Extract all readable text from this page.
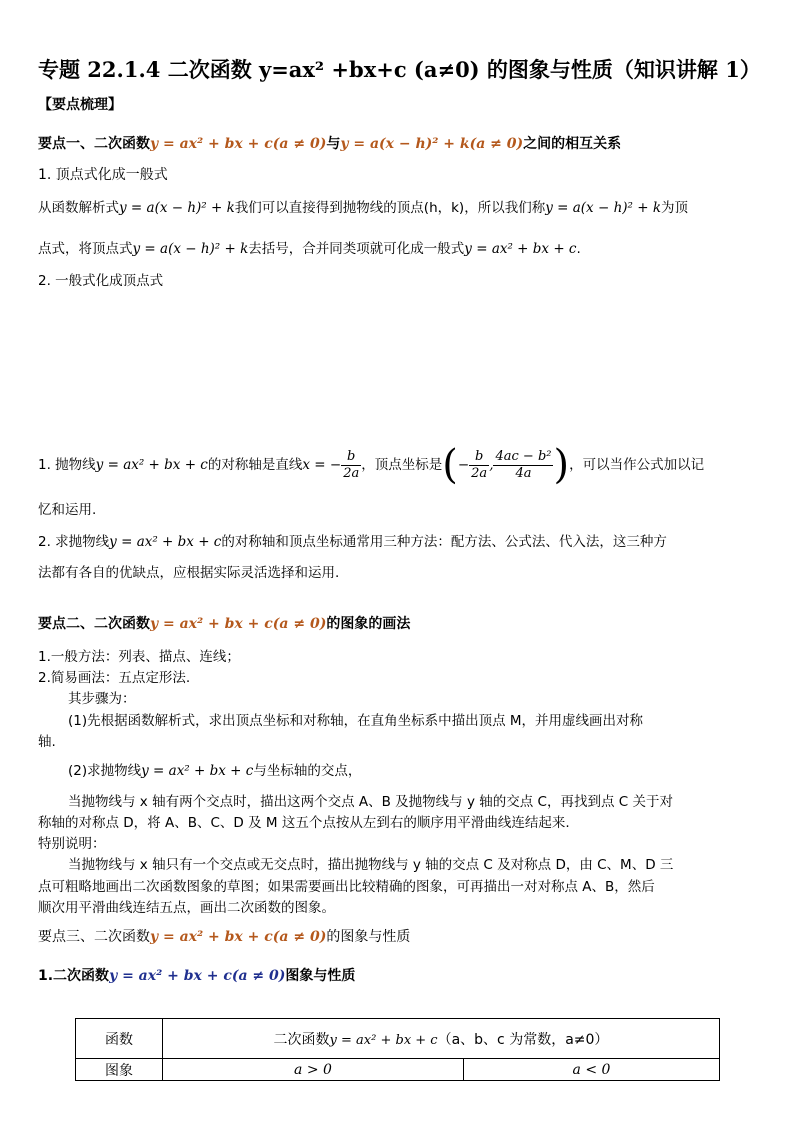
专题 22.1.4 二次函数 y=ax² +bx+c (a≠0) 的图象与性质（知识讲解 1）
【要点梳理】
要点一、二次函数y = ax² + bx + c(a ≠ 0)与y = a(x − h)² + k(a ≠ 0)之间的相互关系
1. 顶点式化成一般式
从函数解析式y = a(x − h)² + k我们可以直接得到抛物线的顶点(h，k)，所以我们称y = a(x − h)² + k为顶
点式，将顶点式y = a(x − h)² + k去括号，合并同类项就可化成一般式y = ax² + bx + c.
2. 一般式化成顶点式
1. 抛物线y = ax² + bx + c的对称轴是直线x = − $\frac{b}{2a}$ ，顶点坐标是(− $\frac{b}{2a}$ , $\frac{\text{4ac − b²}}{4a}$ )，可以当作公式加以记
忆和运用.
2. 求抛物线y = ax² + bx + c的对称轴和顶点坐标通常用三种方法：配方法、公式法、代入法，这三种方
法都有各自的优缺点，应根据实际灵活选择和运用.
要点二、二次函数y = ax² + bx + c(a ≠ 0)的图象的画法
1.一般方法：列表、描点、连线；
2.简易画法：五点定形法.
其步骤为：
(1)先根据函数解析式，求出顶点坐标和对称轴，在直角坐标系中描出顶点 M，并用虚线画出对称
轴.
(2)求抛物线y = ax² + bx + c与坐标轴的交点，
当抛物线与 x 轴有两个交点时，描出这两个交点 A、B 及抛物线与 y 轴的交点 C，再找到点 C 关于对
称轴的对称点 D，将 A、B、C、D 及 M 这五个点按从左到右的顺序用平滑曲线连结起来.
特别说明：
当抛物线与 x 轴只有一个交点或无交点时，描出抛物线与 y 轴的交点 C 及对称点 D，由 C、M、D 三
点可粗略地画出二次函数图象的草图；如果需要画出比较精确的图象，可再描出一对对称点 A、B，然后
顺次用平滑曲线连结五点，画出二次函数的图象。
要点三、二次函数y = ax² + bx + c(a ≠ 0)的图象与性质
1.二次函数y = ax² + bx + c(a ≠ 0)图象与性质
函数	二次函数y = ax² + bx + c（a、b、c 为常数，a≠0）	
图象	a > 0	a < 0
